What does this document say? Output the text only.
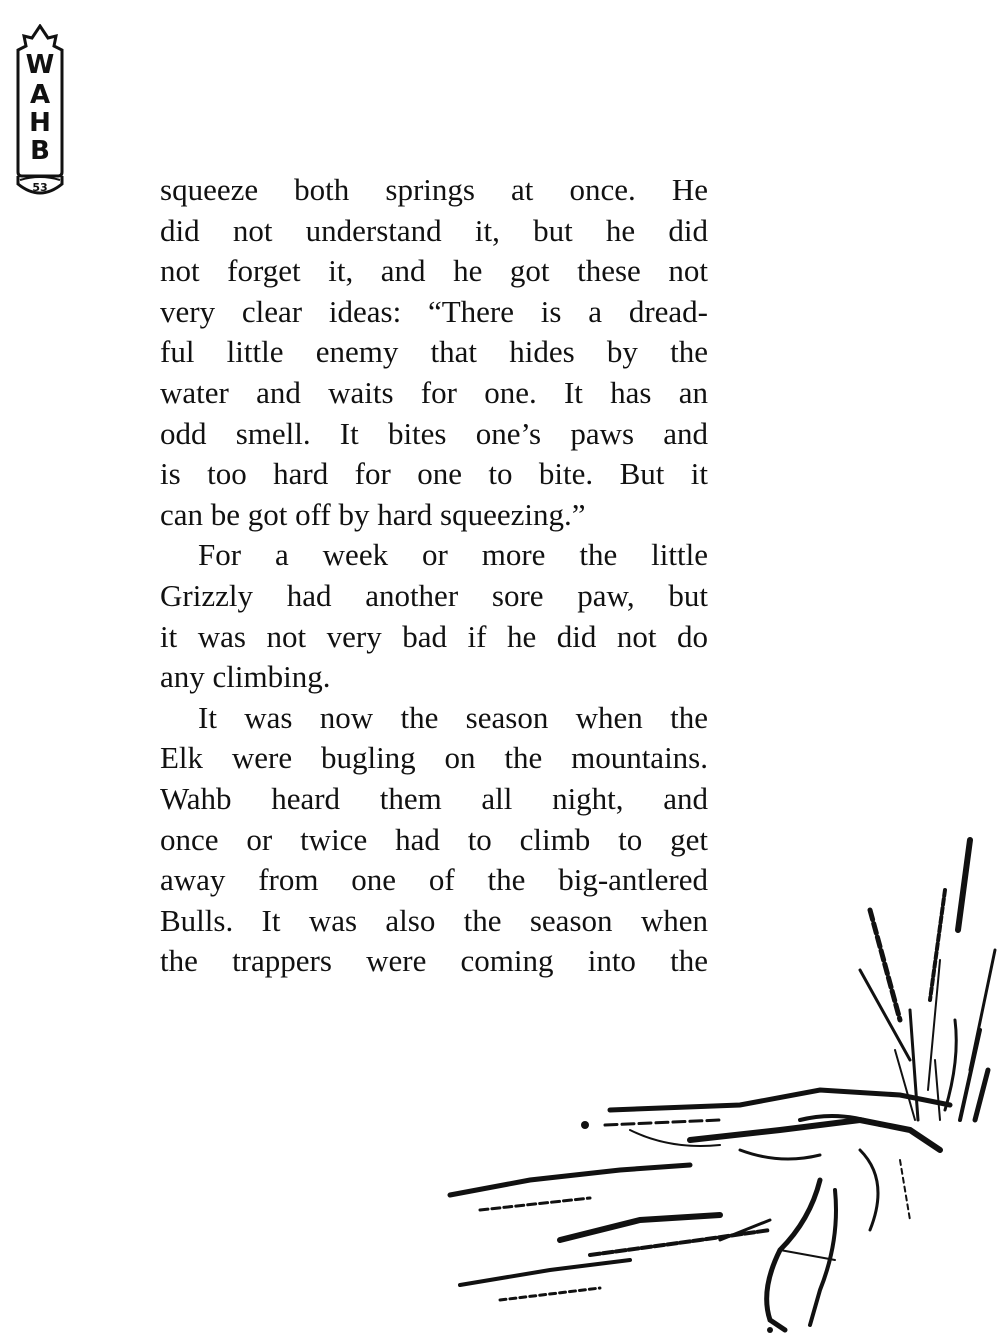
W
A
H
B
53	squeeze both springs at once. He
did not understand it, but he did
not forget it, and he got these not
very clear ideas: “There is a dread-
ful little enemy that hides by the
water and waits for one. It has an
odd smell. It bites one’s paws and
is too hard for one to bite. But it
can be got off by hard squeezing.”
For a week or more the little
Grizzly had another sore paw, but
it was not very bad if he did not do
any climbing.
It was now the season when the
Elk were bugling on the mountains.
Wahb heard them all night, and
once or twice had to climb to get
away from one of the big-antlered
Bulls. It was also the season when
the trappers were coming into the
